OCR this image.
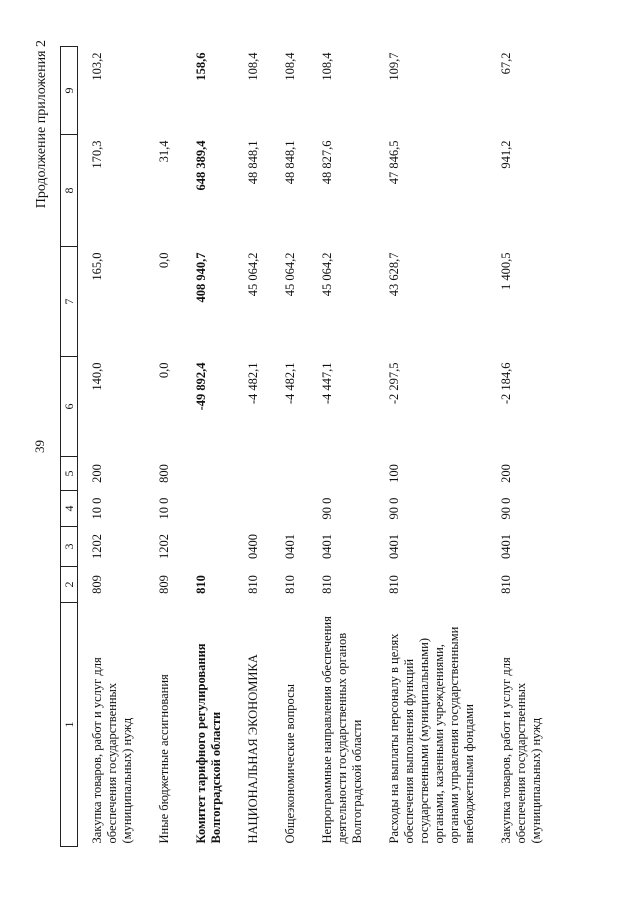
39
Продолжение приложения 2
1	2	3	4	5	6	7	8	9
Закупка товаров, работ и услуг для обеспечения государственных (муниципальных) нужд	809	1202	10 0	200	140,0	165,0	170,3	103,2
Иные бюджетные ассигнования	809	1202	10 0	800	0,0	0,0	31,4	
Комитет тарифного регулирования Волгоградской области	810				-49 892,4	408 940,7	648 389,4	158,6
НАЦИОНАЛЬНАЯ ЭКОНОМИКА	810	0400			-4 482,1	45 064,2	48 848,1	108,4
Общеэкономические вопросы	810	0401			-4 482,1	45 064,2	48 848,1	108,4
Непрограммные направления обеспечения деятельности государственных органов Волгоградской области	810	0401	90 0		-4 447,1	45 064,2	48 827,6	108,4
Расходы на выплаты персоналу в целях обеспечения выполнения функций государственными (муниципальными) органами, казенными учреждениями, органами управления государственными внебюджетными фондами	810	0401	90 0	100	-2 297,5	43 628,7	47 846,5	109,7
Закупка товаров, работ и услуг для обеспечения государственных (муниципальных) нужд	810	0401	90 0	200	-2 184,6	1 400,5	941,2	67,2
